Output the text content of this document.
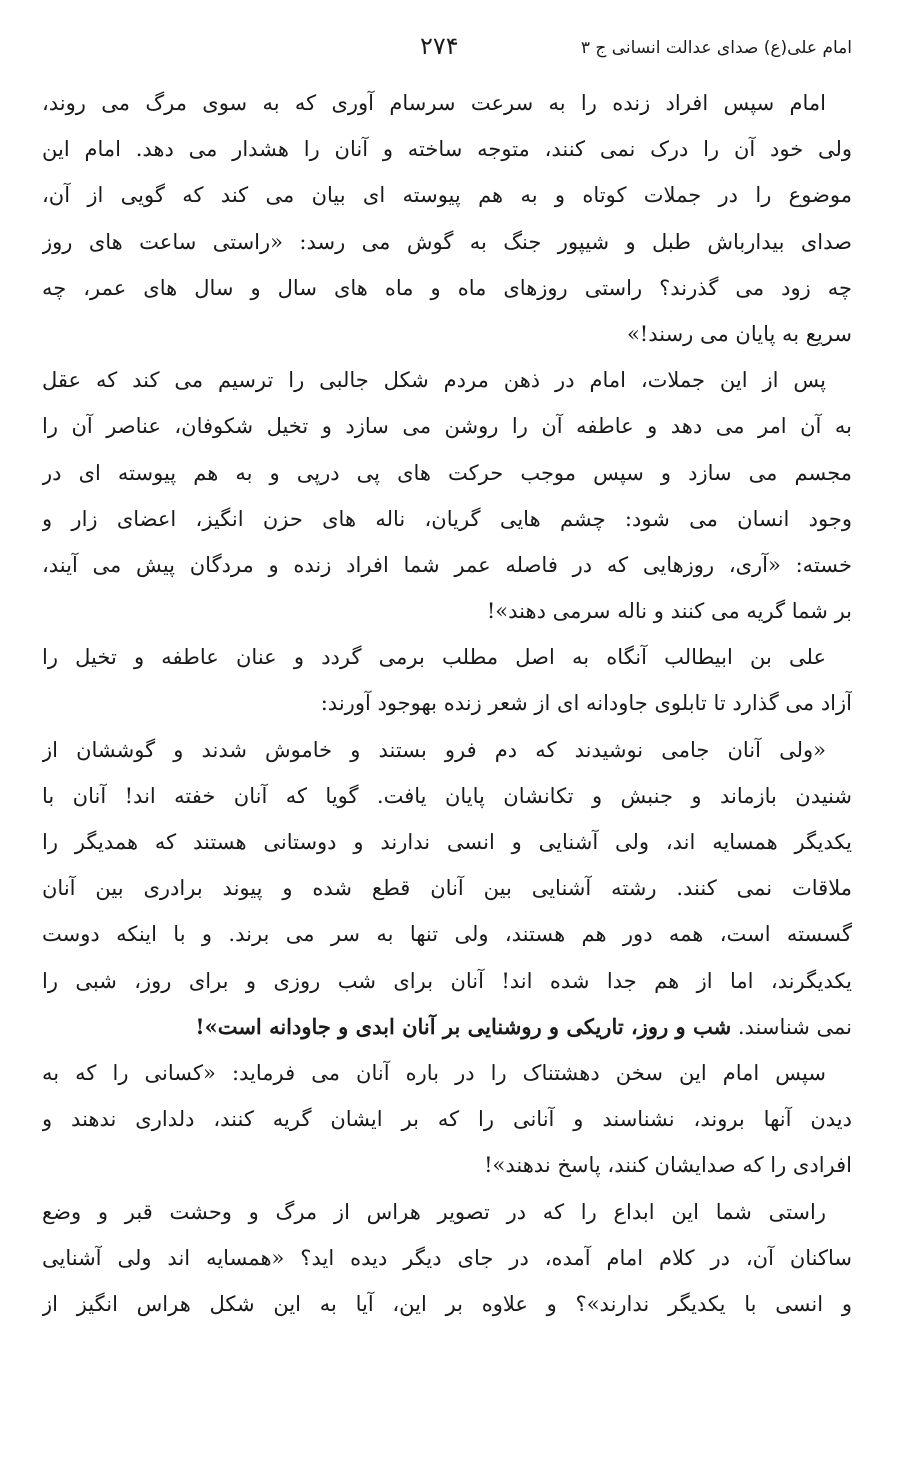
امام علی(ع) صدای عدالت انسانی ج ۳
۲۷۴
امام سپس افراد زنده را به سرعت سرسام آوری که به سوی مرگ می روند،
ولی خود آن را درک نمی کنند، متوجه ساخته و آنان را هشدار می دهد. امام این
موضوع را در جملات کوتاه و به هم پیوسته ای بیان می کند که گویی از آن،
صدای بیدارباش طبل و شیپور جنگ به گوش می رسد: «راستی ساعت های روز
چه زود می گذرند؟ راستی روزهای ماه و ماه های سال و سال های عمر، چه
سریع به پایان می رسند!»
پس از این جملات، امام در ذهن مردم شکل جالبی را ترسیم می کند که عقل
به آن امر می دهد و عاطفه آن را روشن می سازد و تخیل شکوفان، عناصر آن را
مجسم می سازد و سپس موجب حرکت های پی درپی و به هم پیوسته ای در
وجود انسان می شود: چشم هایی گریان، ناله های حزن انگیز، اعضای زار و
خسته: «آری، روزهایی که در فاصله عمر شما افراد زنده و مردگان پیش می آیند،
بر شما گریه می کنند و ناله سرمی دهند»!
علی بن ابیطالب آنگاه به اصل مطلب برمی گردد و عنان عاطفه و تخیل را
آزاد می گذارد تا تابلوی جاودانه ای از شعر زنده بهوجود آورند:
«ولی آنان جامی نوشیدند که دم فرو بستند و خاموش شدند و گوششان از
شنیدن بازماند و جنبش و تکانشان پایان یافت. گویا که آنان خفته اند! آنان با
یکدیگر همسایه اند، ولی آشنایی و انسی ندارند و دوستانی هستند که همدیگر را
ملاقات نمی کنند. رشته آشنایی بین آنان قطع شده و پیوند برادری بین آنان
گسسته است، همه دور هم هستند، ولی تنها به سر می برند. و با اینکه دوست
یکدیگرند، اما از هم جدا شده اند! آنان برای شب روزی و برای روز، شبی را
نمی شناسند. شب و روز، تاریکی و روشنایی بر آنان ابدی و جاودانه است»!
سپس امام این سخن دهشتناک را در باره آنان می فرماید: «کسانی را که به
دیدن آنها بروند، نشناسند و آنانی را که بر ایشان گریه کنند، دلداری ندهند و
افرادی را که صدایشان کنند، پاسخ ندهند»!
راستی شما این ابداع را که در تصویر هراس از مرگ و وحشت قبر و وضع
ساکنان آن، در کلام امام آمده، در جای دیگر دیده اید؟ «همسایه اند ولی آشنایی
و انسی با یکدیگر ندارند»؟ و علاوه بر این، آیا به این شکل هراس انگیز از
